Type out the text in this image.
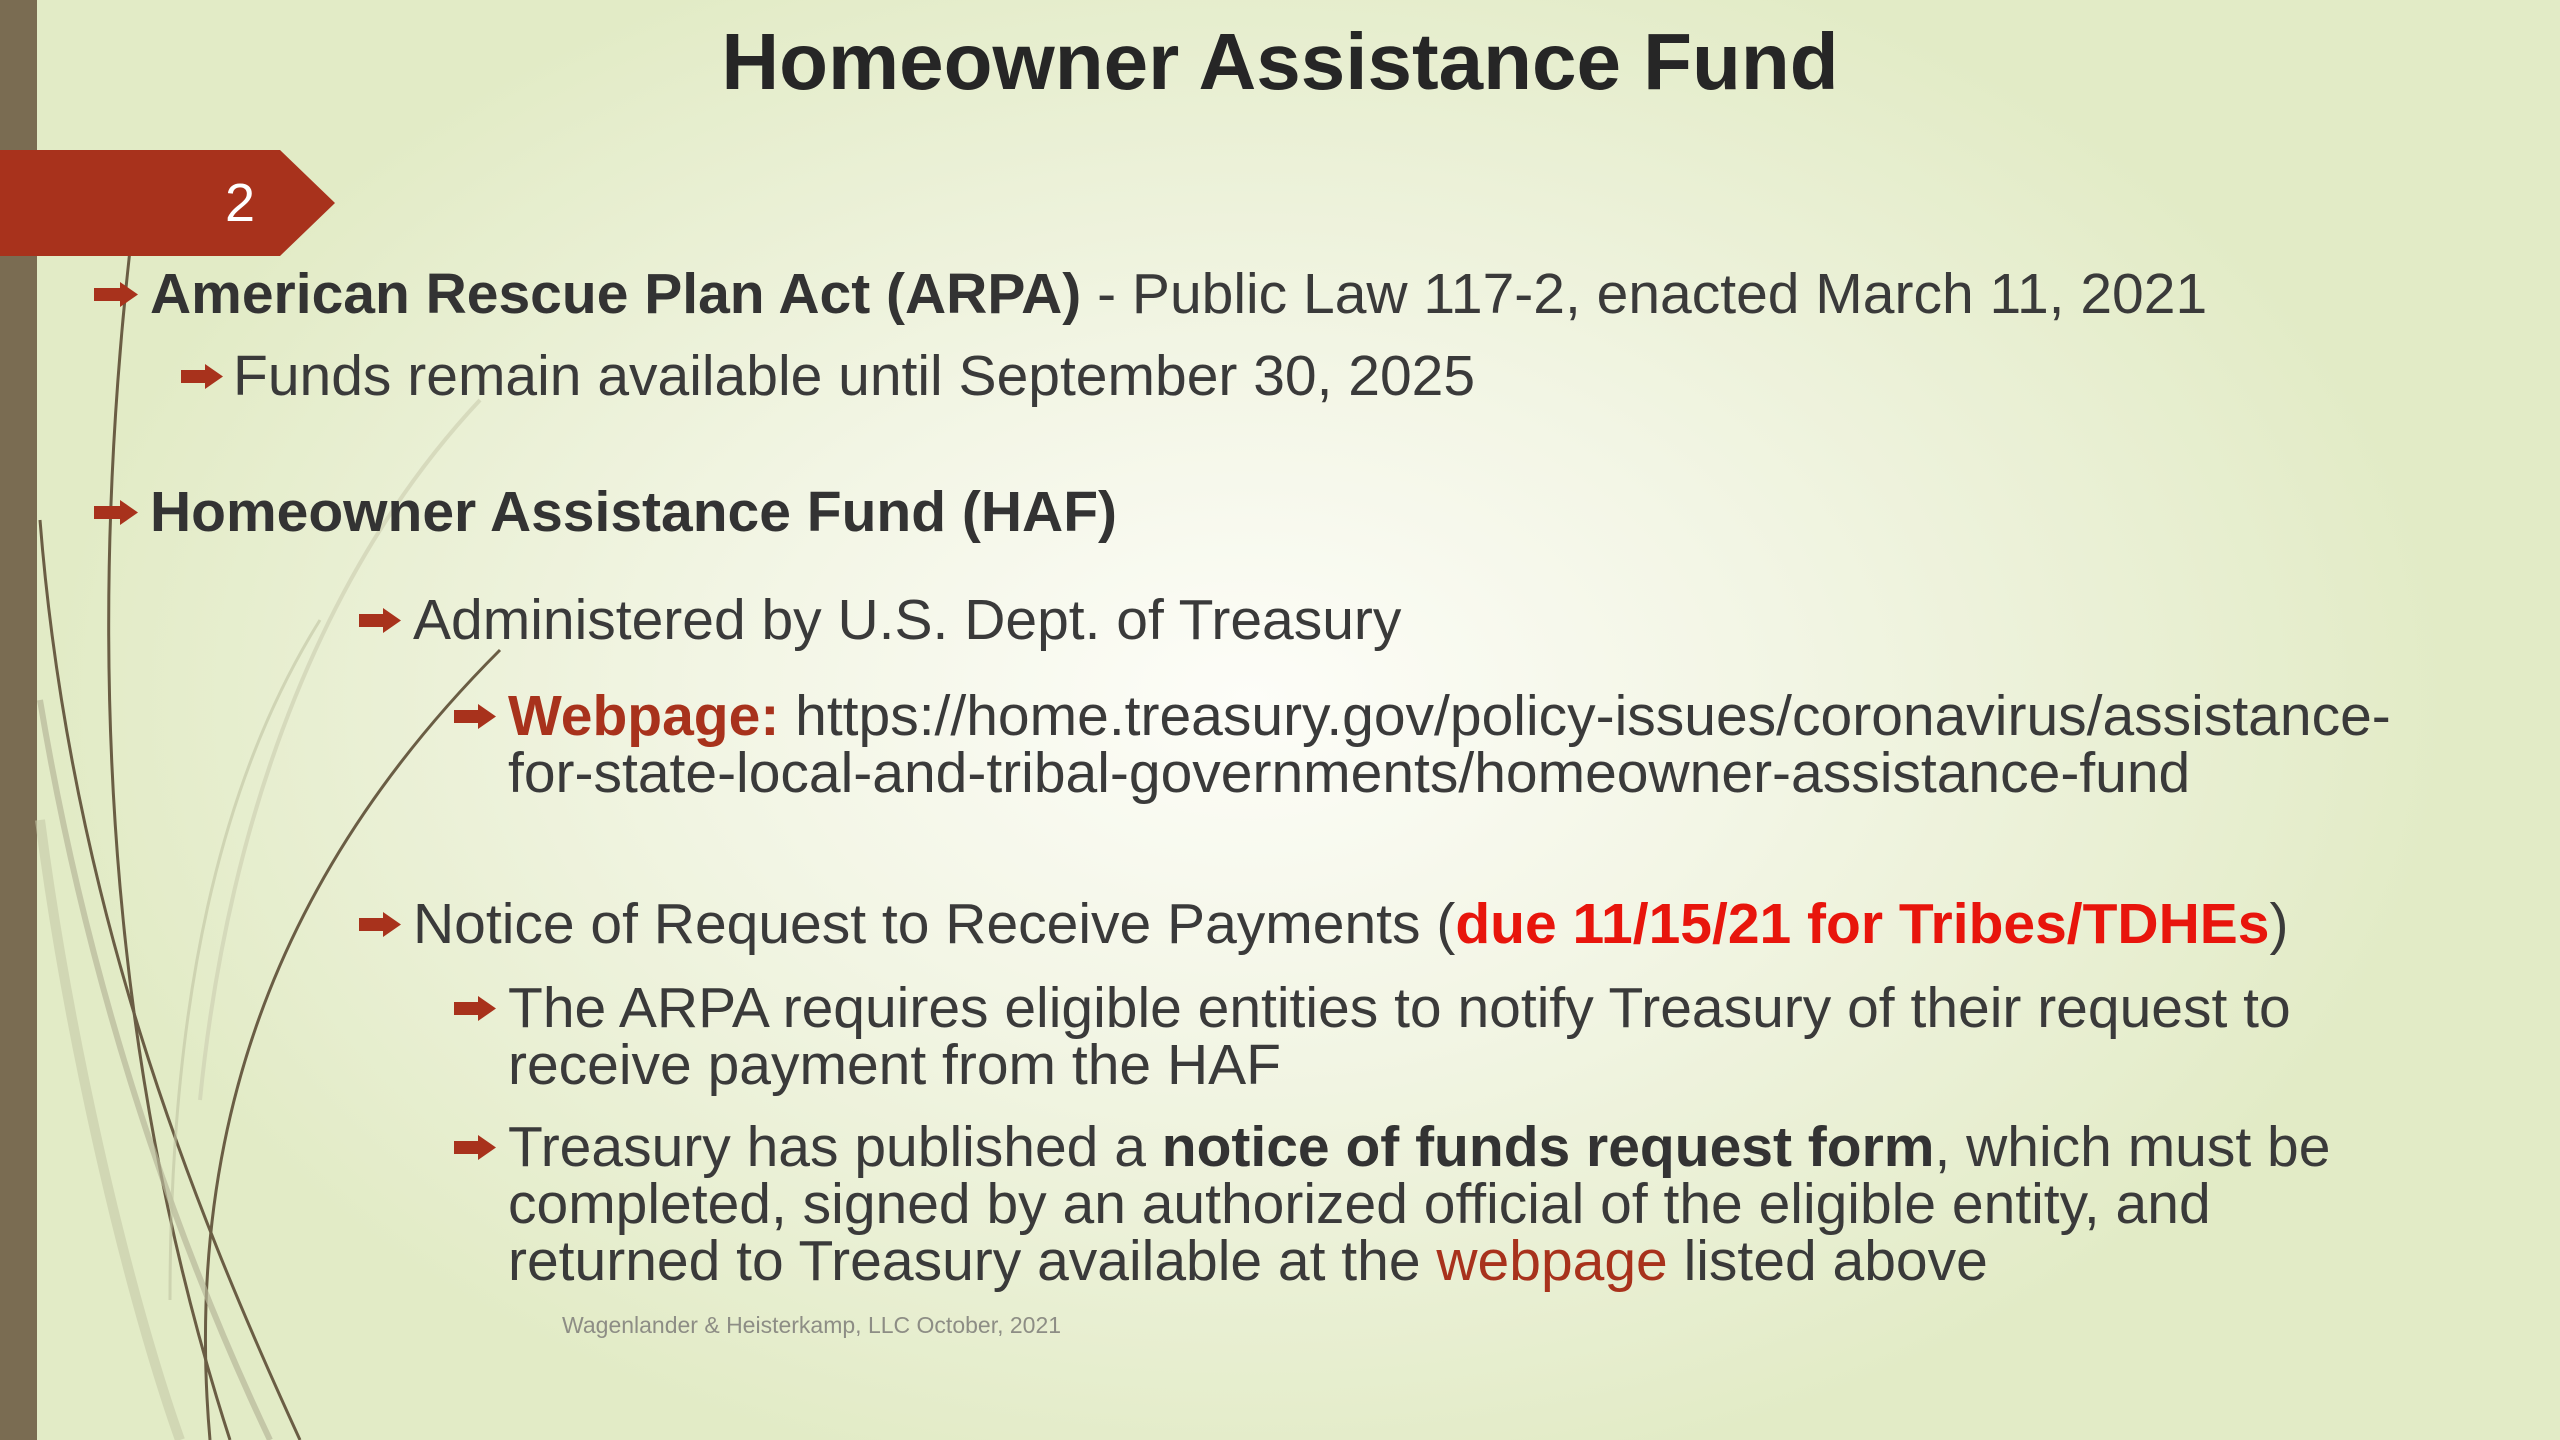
Homeowner Assistance Fund
2

American Rescue Plan Act (ARPA) - Public Law 117-2, enacted March 11, 2021

Funds remain available until September 30, 2025

Homeowner Assistance Fund (HAF)

Administered by U.S. Dept. of Treasury

Webpage: https://home.treasury.gov/policy-issues/coronavirus/assistance-
for-state-local-and-tribal-governments/homeowner-assistance-fund

Notice of Request to Receive Payments (due 11/15/21 for Tribes/TDHEs)

The ARPA requires eligible entities to notify Treasury of their request to
receive payment from the HAF
Treasury has published a notice of funds request form, which must be
completed, signed by an authorized official of the eligible entity, and
returned to Treasury available at the webpage listed above
Wagenlander & Heisterkamp, LLC October, 2021
